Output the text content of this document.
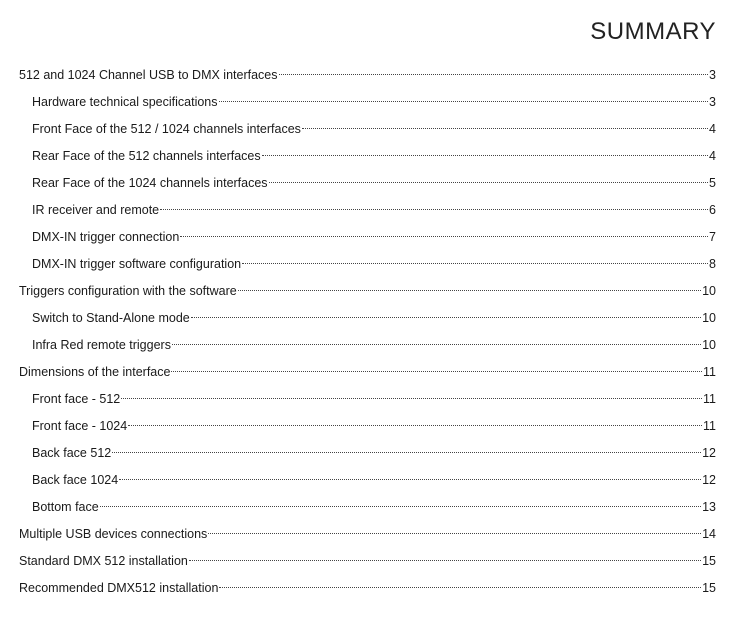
SUMMARY
512 and 1024 Channel USB to DMX interfaces	3
Hardware technical specifications	3
Front Face of the 512 / 1024 channels interfaces	4
Rear Face of the 512 channels interfaces	4
Rear Face of the 1024 channels interfaces	5
IR receiver and remote	6
DMX-IN trigger connection	7
DMX-IN trigger software configuration	8
Triggers configuration with the software	10
Switch to Stand-Alone mode	10
Infra Red remote triggers	10
Dimensions of the interface	11
Front face - 512	11
Front face - 1024	11
Back face 512	12
Back face 1024	12
Bottom face	13
Multiple USB devices connections	14
Standard DMX 512 installation	15
Recommended DMX512 installation	15
